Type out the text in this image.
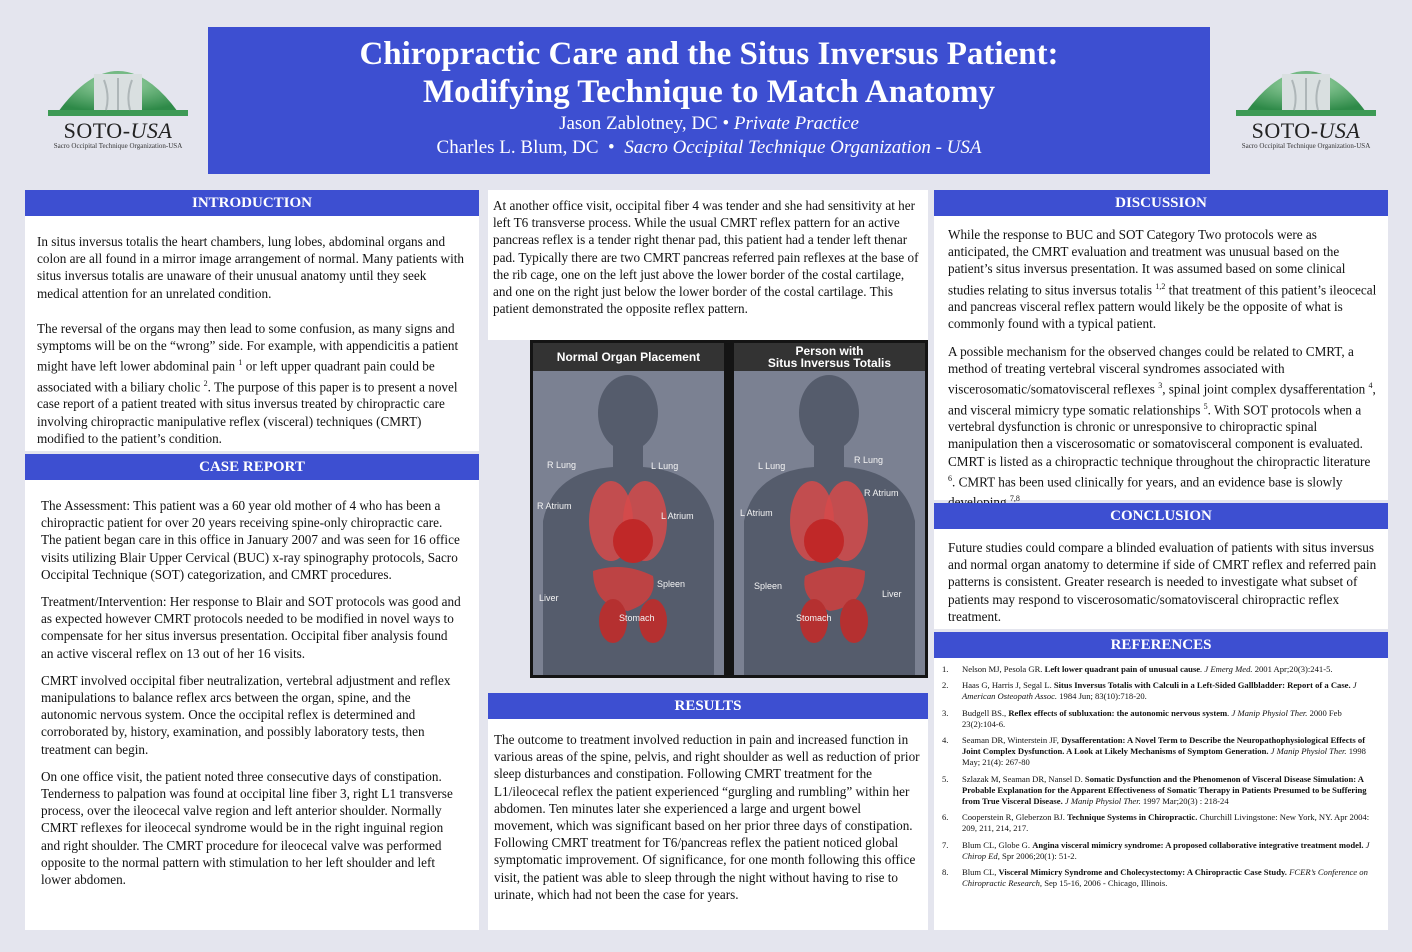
Chiropractic Care and the Situs Inversus Patient:
Modifying Technique to Match Anatomy
Jason Zablotney, DC • Private Practice
Charles L. Blum, DC • Sacro Occipital Technique Organization - USA
SOTO-USA
Sacro Occipital Technique Organization-USA
SOTO-USA
Sacro Occipital Technique Organization-USA
INTRODUCTION

In situs inversus totalis the heart chambers, lung lobes, abdominal organs and colon are all found in a mirror image arrangement of normal. Many patients with situs inversus totalis are unaware of their unusual anatomy until they seek medical attention for an unrelated condition.

The reversal of the organs may then lead to some confusion, as many signs and symptoms will be on the “wrong” side. For example, with appendicitis a patient might have left lower abdominal pain $^1$ or left upper quadrant pain could be associated with a biliary cholic $^2$. The purpose of this paper is to present a novel case report of a patient treated with situs inversus treated by chiropractic care involving chiropractic manipulative reflex (visceral) techniques (CMRT) modified to the patient’s condition.

CASE REPORT

The Assessment: This patient was a 60 year old mother of 4 who has been a chiropractic patient for over 20 years receiving spine-only chiropractic care. The patient began care in this office in January 2007 and was seen for 16 office visits utilizing Blair Upper Cervical (BUC) x-ray spinography protocols, Sacro Occipital Technique (SOT) categorization, and CMRT procedures.

Treatment/Intervention: Her response to Blair and SOT protocols was good and as expected however CMRT protocols needed to be modified in novel ways to compensate for her situs inversus presentation. Occipital fiber analysis found an active visceral reflex on 13 out of her 16 visits.

CMRT involved occipital fiber neutralization, vertebral adjustment and reflex manipulations to balance reflex arcs between the organ, spine, and the autonomic nervous system. Once the occipital reflex is determined and corroborated by, history, examination, and possibly laboratory tests, then treatment can begin.

On one office visit, the patient noted three consecutive days of constipation. Tenderness to palpation was found at occipital line fiber 3, right L1 transverse process, over the ileocecal valve region and left anterior shoulder. Normally CMRT reflexes for ileocecal syndrome would be in the right inguinal region and right shoulder. The CMRT procedure for ileocecal valve was performed opposite to the normal pattern with stimulation to her left shoulder and left lower abdomen.

At another office visit, occipital fiber 4 was tender and she had sensitivity at her left T6 transverse process. While the usual CMRT reflex pattern for an active pancreas reflex is a tender right thenar pad, this patient had a tender left thenar pad. Typically there are two CMRT pancreas referred pain reflexes at the base of the rib cage, one on the left just above the lower border of the costal cartilage, and one on the right just below the lower border of the costal cartilage. This patient demonstrated the opposite reflex pattern.

Normal Organ Placement
R Lung	L Lung
R Atrium
L Atrium
Spleen
Liver
Stomach
Person with
Situs Inversus Totalis
R Lung
L Lung
R Atrium
L Atrium
Spleen
Liver
Stomach
RESULTS

The outcome to treatment involved reduction in pain and increased function in various areas of the spine, pelvis, and right shoulder as well as reduction of prior sleep disturbances and constipation. Following CMRT treatment for the L1/ileocecal reflex the patient experienced “gurgling and rumbling” within her abdomen. Ten minutes later she experienced a large and urgent bowel movement, which was significant based on her prior three days of constipation. Following CMRT treatment for T6/pancreas reflex the patient noticed global symptomatic improvement. Of significance, for one month following this office visit, the patient was able to sleep through the night without having to rise to urinate, which had not been the case for years.

DISCUSSION

While the response to BUC and SOT Category Two protocols were as anticipated, the CMRT evaluation and treatment was unusual based on the patient’s situs inversus presentation. It was assumed based on some clinical studies relating to situs inversus totalis $^{1,2}$ that treatment of this patient’s ileocecal and pancreas visceral reflex pattern would likely be the opposite of what is commonly found with a typical patient.

A possible mechanism for the observed changes could be related to CMRT, a method of treating vertebral visceral syndromes associated with viscerosomatic/somatovisceral reflexes $^3$, spinal joint complex dysafferentation $^4$, and visceral mimicry type somatic relationships $^5$. With SOT protocols when a vertebral dysfunction is chronic or unresponsive to chiropractic spinal manipulation then a viscerosomatic or somatovisceral component is evaluated. CMRT is listed as a chiropractic technique throughout the chiropractic literature $^6$. CMRT has been used clinically for years, and an evidence base is slowly $^{7,8}$

CONCLUSION

Future studies could compare a blinded evaluation of patients with situs inversus and normal organ anatomy to determine if side of CMRT reflex and referred pain patterns is consistent. Greater research is needed to investigate what subset of patients may respond to viscerosomatic/somatovisceral chiropractic reflex treatment.

REFERENCES
1.	Nelson MJ, Pesola GR. Left lower quadrant pain of unusual cause. J Emerg Med. 2001 Apr;20(3):241-5.
2.	Haas G, Harris J, Segal L. Situs Inversus Totalis with Calculi in a Left-Sided Gallbladder: Report of a Case. J American Osteopath Assoc. 1984 Jun; 83(10):718-20.
3.	Budgell BS., Reflex effects of subluxation: the autonomic nervous system. J Manip Physiol Ther. 2000 Feb 23(2):104-6.
4.	Seaman DR, Winterstein JF, Dysafferentation: A Novel Term to Describe the Neuropathophysiological Effects of Joint Complex Dysfunction. A Look at Likely Mechanisms of Symptom Generation. J Manip Physiol Ther. 1998 May; 21(4): 267-80
5.	Szlazak M, Seaman DR, Nansel D. Somatic Dysfunction and the Phenomenon of Visceral Disease Simulation: A Probable Explanation for the Apparent Effectiveness of Somatic Therapy in Patients Presumed to be Suffering from True Visceral Disease. J Manip Physiol Ther. 1997 Mar;20(3) : 218-24
6.	Cooperstein R, Gleberzon BJ. Technique Systems in Chiropractic. Churchill Livingstone: New York, NY. Apr 2004: 209, 211, 214, 217.
7.	Blum CL, Globe G. Angina visceral mimicry syndrome: A proposed collaborative integrative treatment model. J Chirop Ed, Spr 2006;20(1): 51-2.
8.	Blum CL, Visceral Mimicry Syndrome and Cholecystectomy: A Chiropractic Case Study. FCER’s Conference on Chiropractic Research, Sep 15-16, 2006 - Chicago, Illinois.
